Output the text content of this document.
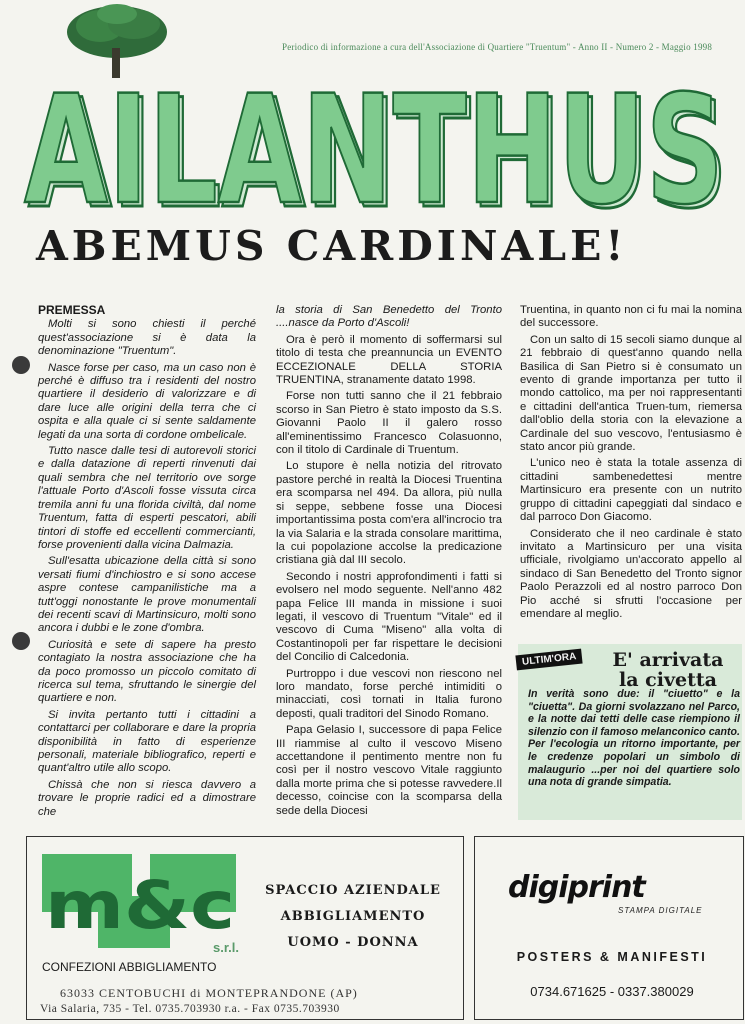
Periodico di informazione a cura dell'Associazione di Quartiere "Truentum" - Anno II - Numero 2 - Maggio 1998
AILANTHUS
AILANTHUS
ABEMUS CARDINALE!
PREMESSA

Molti si sono chiesti il perché quest'associazione si è data la denominazione "Truentum".

Nasce forse per caso, ma un caso non è perché è diffuso tra i residenti del nostro quartiere il desiderio di valorizzare e di dare luce alle origini della terra che ci ospita e alla quale ci si sente saldamente legati da una sorta di cordone ombelicale.

Tutto nasce dalle tesi di autorevoli storici e dalla datazione di reperti rinvenuti dai quali sembra che nel territorio ove sorge l'attuale Porto d'Ascoli fosse vissuta circa tremila anni fu una florida civiltà, dal nome Truentum, fatta di esperti pescatori, abili tintori di stoffe ed eccellenti commercianti, forse provenienti dalla vicina Dalmazia.

Sull'esatta ubicazione della città si sono versati fiumi d'inchiostro e si sono accese aspre contese campanilistiche ma a tutt'oggi nonostante le prove monumentali dei recenti scavi di Martinsicuro, molti sono ancora i dubbi e le zone d'ombra.

Curiosità e sete di sapere ha presto contagiato la nostra associazione che ha da poco promosso un piccolo comitato di ricerca sul tema, sfruttando le sinergie del quartiere e non.

Si invita pertanto tutti i cittadini a contattarci per collaborare e dare la propria disponibilità in fatto di esperienze personali, materiale bibliografico, reperti e quant'altro utile allo scopo.

Chissà che non si riesca davvero a trovare le proprie radici ed a dimostrare che

la storia di San Benedetto del Tronto ....nasce da Porto d'Ascoli!

Ora è però il momento di soffermarsi sul titolo di testa che preannuncia un EVENTO ECCEZIONALE DELLA STORIA TRUENTINA, stranamente datato 1998.

Forse non tutti sanno che il 21 febbraio scorso in San Pietro è stato imposto da S.S. Giovanni Paolo II il galero rosso all'eminentissimo Francesco Colasuonno, con il titolo di Cardinale di Truentum.

Lo stupore è nella notizia del ritrovato pastore perché in realtà la Diocesi Truentina era scomparsa nel 494. Da allora, più nulla si seppe, sebbene fosse una Diocesi importantissima posta com'era all'incrocio tra la via Salaria e la strada consolare marittima, la cui popolazione accolse la predicazione cristiana già dal III secolo.

Secondo i nostri approfondimenti i fatti si evolsero nel modo seguente. Nell'anno 482 papa Felice III manda in missione i suoi legati, il vescovo di Truentum "Vitale" ed il vescovo di Cuma "Miseno" alla volta di Costantinopoli per far rispettare le decisioni del Concilio di Calcedonia.

Purtroppo i due vescovi non riescono nel loro mandato, forse perché intimiditi o minacciati, così tornati in Italia furono deposti, quali traditori del Sinodo Romano.

Papa Gelasio I, successore di papa Felice III riammise al culto il vescovo Miseno accettandone il pentimento mentre non fu così per il nostro vescovo Vitale raggiunto dalla morte prima che si potesse ravvedere.Il decesso, coincise con la scomparsa della sede della Diocesi

Truentina, in quanto non ci fu mai la nomina del successore.

Con un salto di 15 secoli siamo dunque al 21 febbraio di quest'anno quando nella Basilica di San Pietro si è consumato un evento di grande importanza per tutto il mondo cattolico, ma per noi rappresentanti e cittadini dell'antica Truen-tum, riemersa dall'oblio della storia con la elevazione a Cardinale del suo vescovo, l'entusiasmo è stato ancor più grande.

L'unico neo è stata la totale assenza di cittadini sambenedettesi mentre Martinsicuro era presente con un nutrito gruppo di cittadini capeggiati dal sindaco e dal parroco Don Giacomo.

Considerato che il neo cardinale è stato invitato a Martinsicuro per una visita ufficiale, rivolgiamo un'accorato appello al sindaco di San Benedetto del Tronto signor Paolo Perazzoli ed al nostro parroco Don Pio acché si sfrutti l'occasione per emendare al meglio.

ULTIM'ORA	E' arrivata
la civetta

In verità sono due: il "ciuetto" e la "ciuetta". Da giorni svolazzano nel Parco, e la notte dai tetti delle case riempiono il silenzio con il famoso melanconico canto.

Per l'ecologia un ritorno importante, per le credenze popolari un simbolo di malaugurio ...per noi del quartiere solo una nota di grande simpatia.

m&c
s.r.l.
CONFEZIONI ABBIGLIAMENTO
SPACCIO AZIENDALE
ABBIGLIAMENTO
UOMO - DONNA
63033 CENTOBUCHI di MONTEPRANDONE (AP)
Via Salaria, 735 - Tel. 0735.703930 r.a. - Fax 0735.703930
digiprint
STAMPA DIGITALE
POSTERS & MANIFESTI
0734.671625 - 0337.380029
